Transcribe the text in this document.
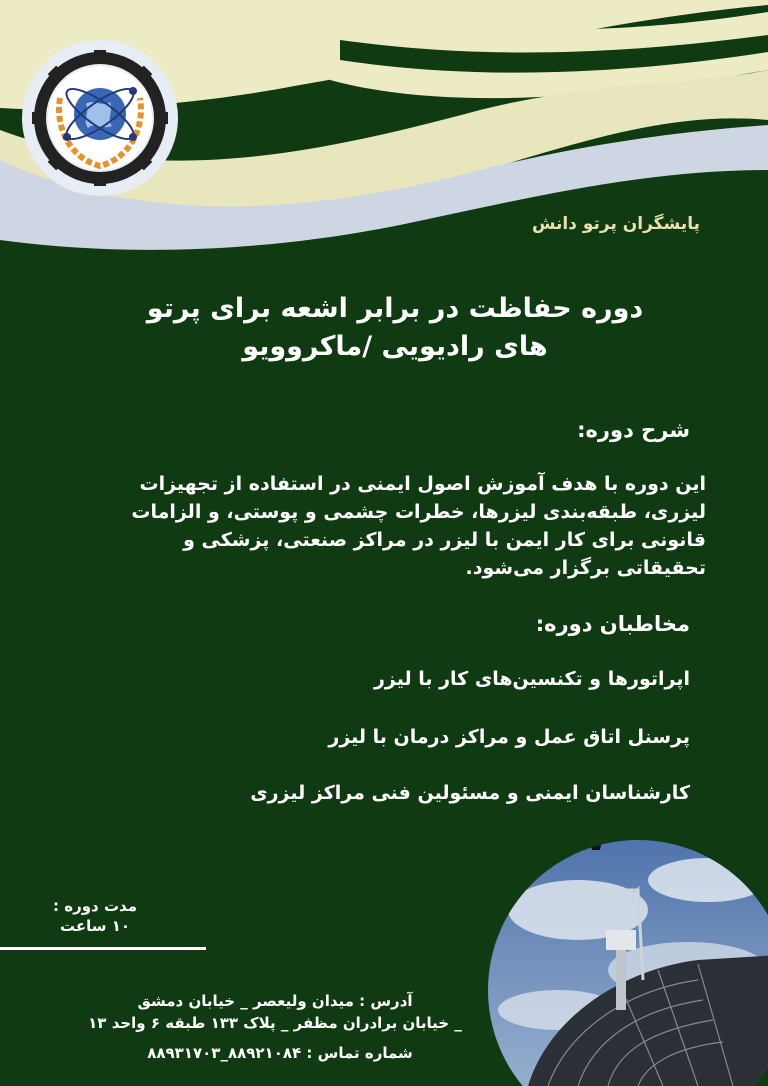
پایشگران پرتو دانش
دوره حفاظت در برابر اشعه برای پرتو
های رادیویی /ماکروویو
شرح دوره:
این دوره با هدف آموزش اصول ایمنی در استفاده از تجهیزات لیزری، طبقه‌بندی لیزرها، خطرات چشمی و پوستی، و الزامات قانونی برای کار ایمن با لیزر در مراکز صنعتی، پزشکی و تحقیقاتی برگزار می‌شود.
مخاطبان دوره:
اپراتورها و تکنسین‌های کار با لیزر
پرسنل اتاق عمل و مراکز درمان با لیزر
کارشناسان ایمنی و مسئولین فنی مراکز لیزری
مدت دوره :
۱۰ ساعت
آدرس : میدان ولیعصر _ خیابان دمشق
_ خیابان برادران مظفر _ پلاک ۱۳۳ طبقه ۶ واحد ۱۳
شماره تماس : ۸۸۹۲۱۰۸۴_۸۸۹۳۱۷۰۳
